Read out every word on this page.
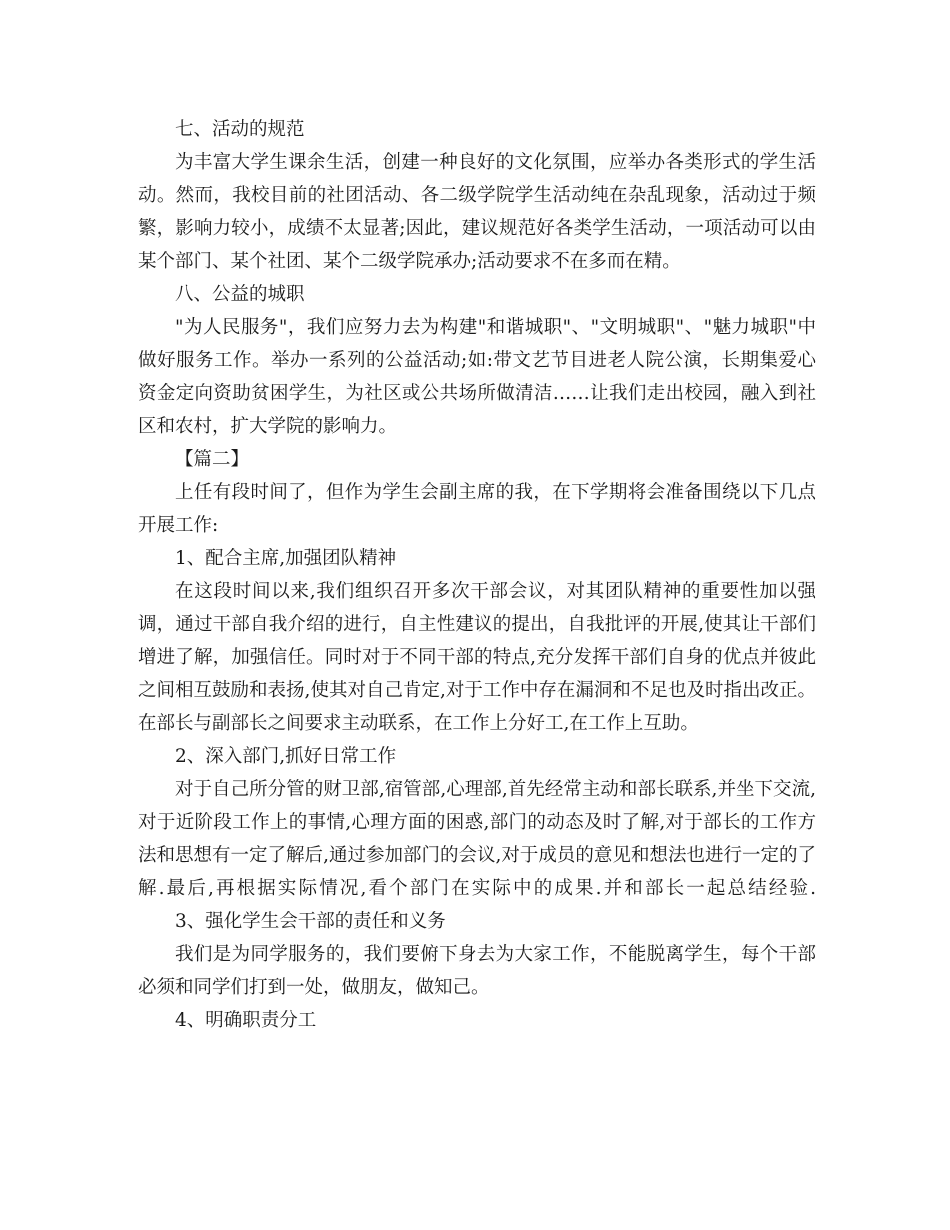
七、活动的规范

为丰富大学生课余生活，创建一种良好的文化氛围，应举办各类形式的学生活动。然而，我校目前的社团活动、各二级学院学生活动纯在杂乱现象，活动过于频繁，影响力较小，成绩不太显著;因此，建议规范好各类学生活动，一项活动可以由某个部门、某个社团、某个二级学院承办;活动要求不在多而在精。

八、公益的城职

"为人民服务"，我们应努力去为构建"和谐城职"、"文明城职"、"魅力城职"中做好服务工作。举办一系列的公益活动;如:带文艺节目进老人院公演，长期集爱心资金定向资助贫困学生，为社区或公共场所做清洁……让我们走出校园，融入到社区和农村，扩大学院的影响力。

【篇二】

上任有段时间了，但作为学生会副主席的我，在下学期将会准备围绕以下几点开展工作:

1、配合主席,加强团队精神

在这段时间以来,我们组织召开多次干部会议，对其团队精神的重要性加以强调，通过干部自我介绍的进行，自主性建议的提出，自我批评的开展,使其让干部们增进了解，加强信任。同时对于不同干部的特点,充分发挥干部们自身的优点并彼此之间相互鼓励和表扬,使其对自己肯定,对于工作中存在漏洞和不足也及时指出改正。在部长与副部长之间要求主动联系，在工作上分好工,在工作上互助。

2、深入部门,抓好日常工作

对于自己所分管的财卫部,宿管部,心理部,首先经常主动和部长联系,并坐下交流,对于近阶段工作上的事情,心理方面的困惑,部门的动态及时了解,对于部长的工作方法和思想有一定了解后,通过参加部门的会议,对于成员的意见和想法也进行一定的了解.最后,再根据实际情况,看个部门在实际中的成果.并和部长一起总结经验.

3、强化学生会干部的责任和义务

我们是为同学服务的，我们要俯下身去为大家工作，不能脱离学生，每个干部必须和同学们打到一处，做朋友，做知己。

4、明确职责分工
